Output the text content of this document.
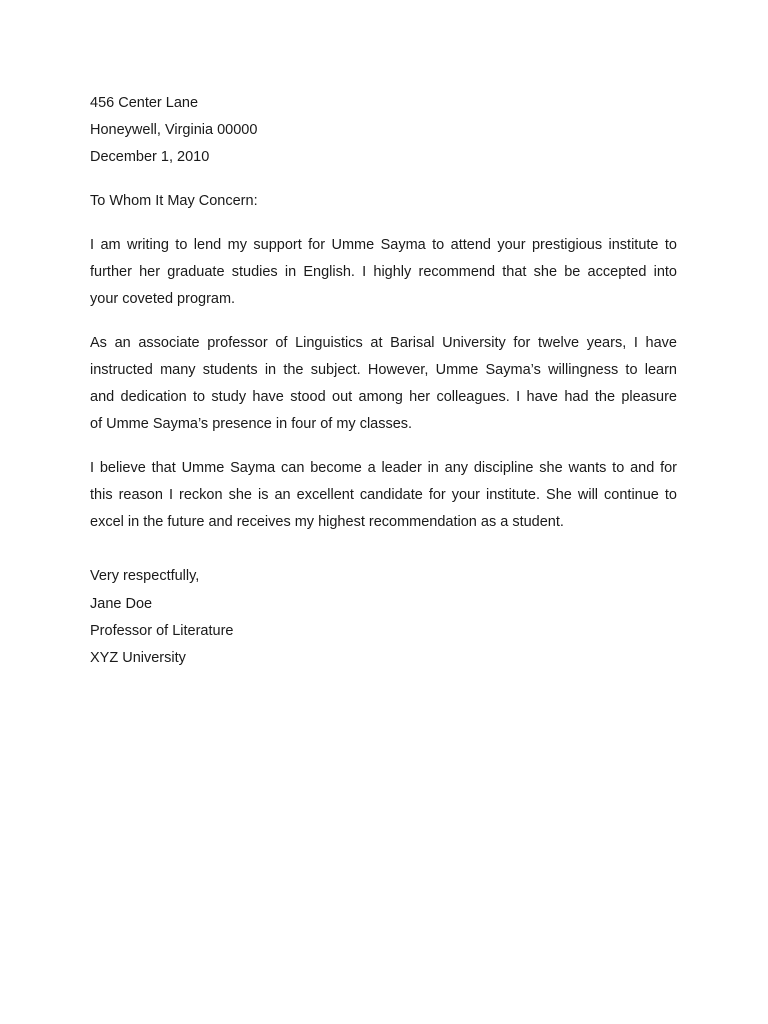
456 Center Lane
Honeywell, Virginia 00000
December 1, 2010
To Whom It May Concern:
I am writing to lend my support for Umme Sayma to attend your prestigious institute to
further her graduate studies in English. I highly recommend that she be accepted into
your coveted program.
As an associate professor of Linguistics at Barisal University for twelve years, I have
instructed many students in the subject. However, Umme Sayma’s willingness to learn
and dedication to study have stood out among her colleagues. I have had the pleasure
of Umme Sayma’s presence in four of my classes.
I believe that Umme Sayma can become a leader in any discipline she wants to and for
this reason I reckon she is an excellent candidate for your institute. She will continue to
excel in the future and receives my highest recommendation as a student.
Very respectfully,
Jane Doe
Professor of Literature
XYZ University
